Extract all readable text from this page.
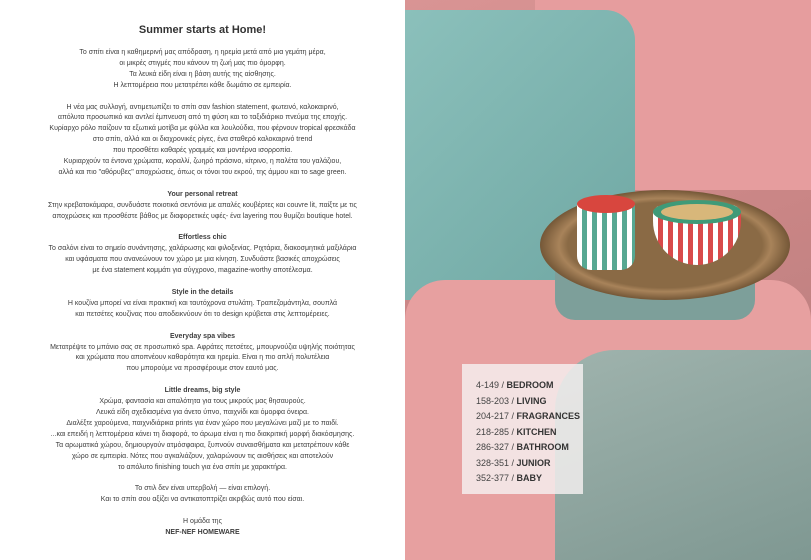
Summer starts at Home!
Το σπίτι είναι η καθημερινή μας απόδραση, η ηρεμία μετά από μια γεμάτη μέρα,
οι μικρές στιγμές που κάνουν τη ζωή μας πιο όμορφη.
Τα λευκά είδη είναι η βάση αυτής της αίσθησης.
Η λεπτομέρεια που μετατρέπει κάθε δωμάτιο σε εμπειρία.
Η νέα μας συλλογή, αντιμετωπίζει το σπίτι σαν fashion statement, φωτεινό, καλοκαιρινό,
απόλυτα προσωπικό και αντλεί έμπνευση από τη φύση και το ταξιδιάρικο πνεύμα της εποχής.
Κυρίαρχο ρόλο παίζουν τα εξωτικά μοτίβα με φύλλα και λουλούδια, που φέρνουν tropical φρεσκάδα
στο σπίτι, αλλά και οι διαχρονικές ρίγες, ένα σταθερό καλοκαιρινό trend
που προσθέτει καθαρές γραμμές και μοντέρνα ισορροπία.
Κυριαρχούν τα έντονα χρώματα, κοραλλί, ζωηρό πράσινο, κίτρινο, η παλέτα του γαλάζιου,
αλλά και πιο "αθόρυβες" αποχρώσεις, όπως οι τόνοι του εκρού, της άμμου και το sage green.
Your personal retreat
Στην κρεβατοκάμαρα, συνδυάστε ποιοτικά σεντόνια με απαλές κουβέρτες και couvre lit, παίξτε με τις
αποχρώσεις και προσθέστε βάθος με διαφορετικές υφές- ένα layering που θυμίζει boutique hotel.
Effortless chic
Το σαλόνι είναι το σημείο συνάντησης, χαλάρωσης και φιλοξενίας. Ριχτάρια, διακοσμητικά μαξιλάρια
και υφάσματα που ανανεώνουν τον χώρο με μια κίνηση. Συνδυάστε βασικές αποχρώσεις
με ένα statement κομμάτι για σύγχρονο, magazine-worthy αποτέλεσμα.
Style in the details
Η κουζίνα μπορεί να είναι πρακτική και ταυτόχρονα στυλάτη. Τραπεζομάντηλα, σουπλά
και πετσέτες κουζίνας που αποδεικνύουν ότι το design κρύβεται στις λεπτομέρειες.
Everyday spa vibes
Μετατρέψτε το μπάνιο σας σε προσωπικό spa. Αφράτες πετσέτες, μπουρνούζια υψηλής ποιότητας
και χρώματα που αποπνέουν καθαρότητα και ηρεμία. Είναι η πιο απλή πολυτέλεια
που μπορούμε να προσφέρουμε στον εαυτό μας.
Little dreams, big style
Χρώμα, φαντασία και απαλότητα για τους μικρούς μας θησαυρούς.
Λευκά είδη σχεδιασμένα για άνετο ύπνο, παιχνίδι και όμορφα όνειρα.
Διαλέξτε χαρούμενα, παιχνιδιάρικα prints για έναν χώρο που μεγαλώνει μαζί με το παιδί.
...και επειδή η λεπτομέρεια κάνει τη διαφορά, το άρωμα είναι η πιο διακριτική μορφή διακόσμησης.
Τα αρωματικά χώρου, δημιουργούν ατμόσφαιρα, ξυπνούν συναισθήματα και μετατρέπουν κάθε
χώρο σε εμπειρία. Νότες που αγκαλιάζουν, χαλαρώνουν τις αισθήσεις και αποτελούν
το απόλυτο finishing touch για ένα σπίτι με χαρακτήρα.
Το στιλ δεν είναι υπερβολή — είναι επιλογή.
Και το σπίτι σου αξίζει να αντικατοπτρίζει ακριβώς αυτό που είσαι.
Η ομάδα της
NEF-NEF HOMEWARE
4-149 / BEDROOM
158-203 / LIVING
204-217 / FRAGRANCES
218-285 / KITCHEN
286-327 / BATHROOM
328-351 / JUNIOR
352-377 / BABY
